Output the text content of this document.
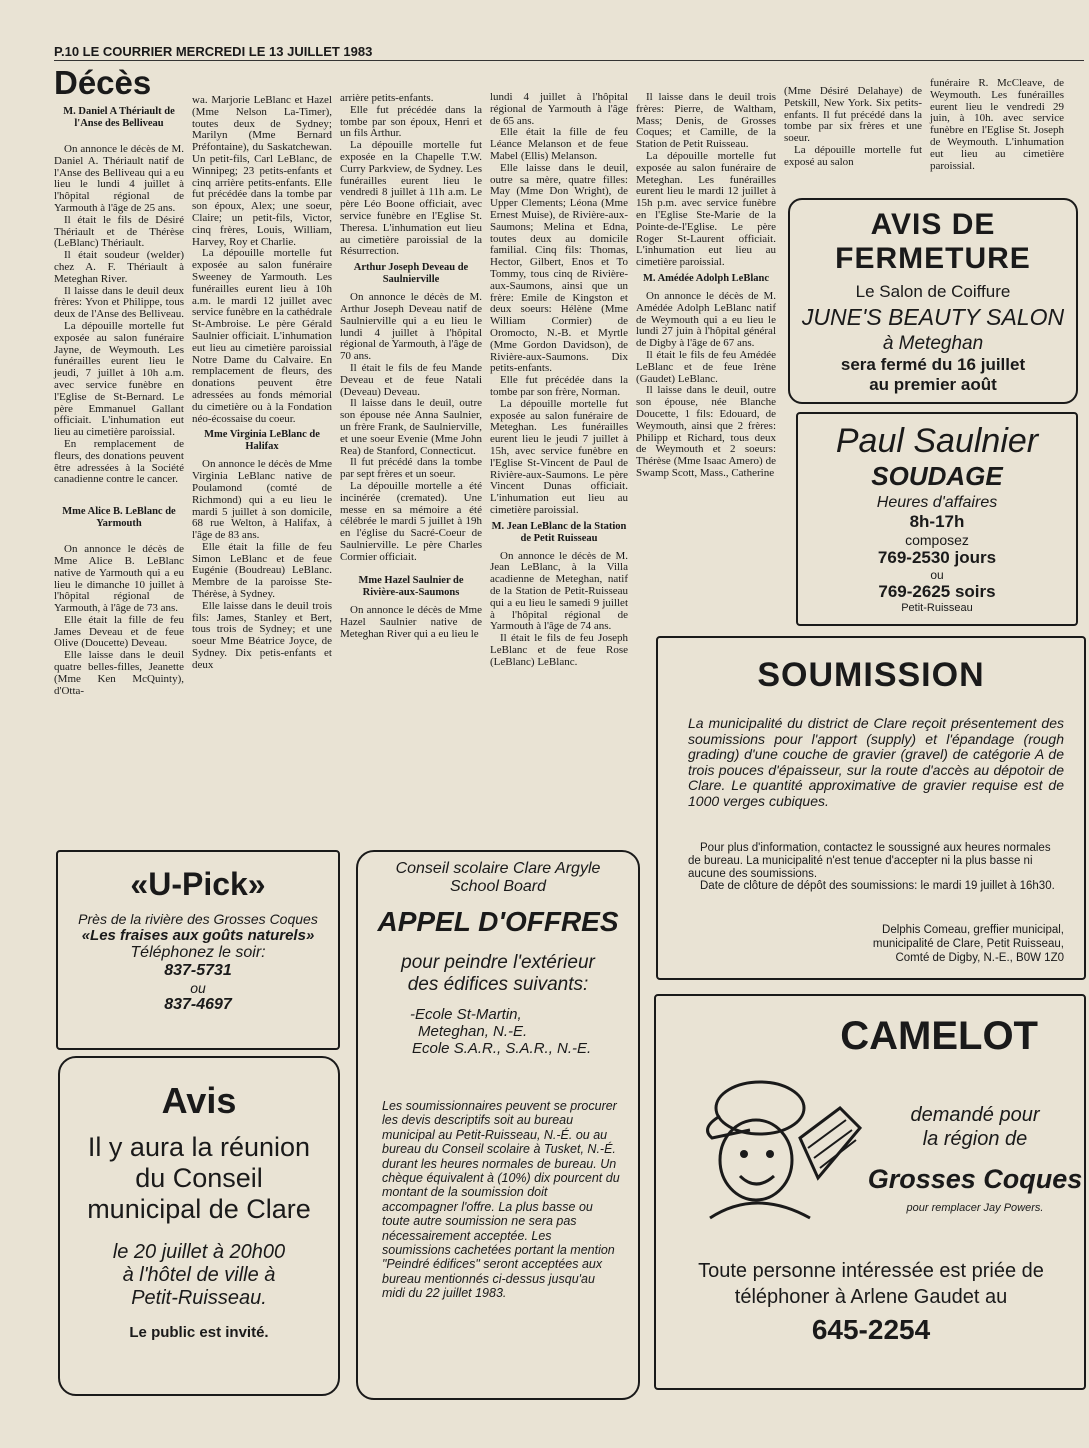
P.10 LE COURRIER MERCREDI LE 13 JUILLET 1983
Décès

M. Daniel A Thériault de l'Anse des Belliveau

On annonce le décès de M. Daniel A. Thériault natif de l'Anse des Belliveau qui a eu lieu le lundi 4 juillet à l'hôpital régional de Yarmouth à l'âge de 25 ans.

Il était le fils de Désiré Thériault et de Thérèse (LeBlanc) Thériault.

Il était soudeur (welder) chez A. F. Thériault à Meteghan River.

Il laisse dans le deuil deux frères: Yvon et Philippe, tous deux de l'Anse des Belliveau.

La dépouille mortelle fut exposée au salon funéraire Jayne, de Weymouth. Les funérailles eurent lieu le jeudi, 7 juillet à 10h a.m. avec service funèbre en l'Eglise de St-Bernard. Le père Emmanuel Gallant officiait. L'inhumation eut lieu au cimetière paroissial.

En remplacement de fleurs, des donations peuvent être adressées à la Société canadienne contre le cancer.

Mme Alice B. LeBlanc de Yarmouth

On annonce le décès de Mme Alice B. LeBlanc native de Yarmouth qui a eu lieu le dimanche 10 juillet à l'hôpital régional de Yarmouth, à l'âge de 73 ans.

Elle était la fille de feu James Deveau et de feue Olive (Doucette) Deveau.

Elle laisse dans le deuil quatre belles-filles, Jeanette (Mme Ken McQuinty), d'Otta-

wa. Marjorie LeBlanc et Hazel (Mme Nelson La-Timer), toutes deux de Sydney; Marilyn (Mme Bernard Préfontaine), du Saskatchewan. Un petit-fils, Carl LeBlanc, de Winnipeg; 23 petits-enfants et cinq arrière petits-enfants. Elle fut précédée dans la tombe par son époux, Alex; une soeur, Claire; un petit-fils, Victor, cinq frères, Louis, William, Harvey, Roy et Charlie.

La dépouille mortelle fut exposée au salon funéraire Sweeney de Yarmouth. Les funérailles eurent lieu à 10h a.m. le mardi 12 juillet avec service funèbre en la cathédrale St-Ambroise. Le père Gérald Saulnier officiait. L'inhumation eut lieu au cimetière paroissial Notre Dame du Calvaire. En remplacement de fleurs, des donations peuvent être adressées au fonds mémorial du cimetière ou à la Fondation néo-écossaise du coeur.

Mme Virginia LeBlanc de Halifax

On annonce le décès de Mme Virginia LeBlanc native de Poulamond (comté de Richmond) qui a eu lieu le mardi 5 juillet à son domicile, 68 rue Welton, à Halifax, à l'âge de 83 ans.

Elle était la fille de feu Simon LeBlanc et de feue Eugénie (Boudreau) LeBlanc. Membre de la paroisse Ste-Thérèse, à Sydney.

Elle laisse dans le deuil trois fils: James, Stanley et Bert, tous trois de Sydney; et une soeur Mme Béatrice Joyce, de Sydney. Dix petis-enfants et deux

arrière petits-enfants.

Elle fut précédée dans la tombe par son époux, Henri et un fils Arthur.

La dépouille mortelle fut exposée en la Chapelle T.W. Curry Parkview, de Sydney. Les funérailles eurent lieu le vendredi 8 juillet à 11h a.m. Le père Léo Boone officiait, avec service funèbre en l'Eglise St. Theresa. L'inhumation eut lieu au cimetière paroissial de la Résurrection.

Arthur Joseph Deveau de Saulnierville

On annonce le décès de M. Arthur Joseph Deveau natif de Saulnierville qui a eu lieu le lundi 4 juillet à l'hôpital régional de Yarmouth, à l'âge de 70 ans.

Il était le fils de feu Mande Deveau et de feue Natali (Deveau) Deveau.

Il laisse dans le deuil, outre son épouse née Anna Saulnier, un frère Frank, de Saulnierville, et une soeur Evenie (Mme John Rea) de Stanford, Connecticut.

Il fut précédé dans la tombe par sept frères et un soeur.

La dépouille mortelle a été incinérée (cremated). Une messe en sa mémoire a été célébrée le mardi 5 juillet à 19h en l'église du Sacré-Coeur de Saulnierville. Le père Charles Cormier officiait.

Mme Hazel Saulnier de Rivière-aux-Saumons

On annonce le décès de Mme Hazel Saulnier native de Meteghan River qui a eu lieu le

lundi 4 juillet à l'hôpital régional de Yarmouth à l'âge de 65 ans.

Elle était la fille de feu Léance Melanson et de feue Mabel (Ellis) Melanson.

Elle laisse dans le deuil, outre sa mère, quatre filles: May (Mme Don Wright), de Upper Clements; Léona (Mme Ernest Muise), de Rivière-aux-Saumons; Melina et Edna, toutes deux au domicile familial. Cinq fils: Thomas, Hector, Gilbert, Enos et To Tommy, tous cinq de Rivière-aux-Saumons, ainsi que un frère: Emile de Kingston et deux soeurs: Hélène (Mme William Cormier) de Oromocto, N.-B. et Myrtle (Mme Gordon Davidson), de Rivière-aux-Saumons. Dix petits-enfants.

Elle fut précédée dans la tombe par son frère, Norman.

La dépouille mortelle fut exposée au salon funéraire de Meteghan. Les funérailles eurent lieu le jeudi 7 juillet à 15h, avec service funèbre en l'Eglise St-Vincent de Paul de Rivière-aux-Saumons. Le père Vincent Dunas officiait. L'inhumation eut lieu au cimetière paroissial.

M. Jean LeBlanc de la Station de Petit Ruisseau

On annonce le décès de M. Jean LeBlanc, à la Villa acadienne de Meteghan, natif de la Station de Petit-Ruisseau qui a eu lieu le samedi 9 juillet à l'hôpital régional de Yarmouth à l'âge de 74 ans.

Il était le fils de feu Joseph LeBlanc et de feue Rose (LeBlanc) LeBlanc.

Il laisse dans le deuil trois frères: Pierre, de Waltham, Mass; Denis, de Grosses Coques; et Camille, de la Station de Petit Ruisseau.

La dépouille mortelle fut exposée au salon funéraire de Meteghan. Les funérailles eurent lieu le mardi 12 juillet à 15h p.m. avec service funèbre en l'Eglise Ste-Marie de la Pointe-de-l'Eglise. Le père Roger St-Laurent officiait. L'inhumation eut lieu au cimetière paroissial.

M. Amédée Adolph LeBlanc

On annonce le décès de M. Amédée Adolph LeBlanc natif de Weymouth qui a eu lieu le lundi 27 juin à l'hôpital général de Digby à l'âge de 67 ans.

Il était le fils de feu Amédée LeBlanc et de feue Irène (Gaudet) LeBlanc.

Il laisse dans le deuil, outre son épouse, née Blanche Doucette, 1 fils: Edouard, de Weymouth, ainsi que 2 frères: Philipp et Richard, tous deux de Weymouth et 2 soeurs: Thérèse (Mme Isaac Amero) de Swamp Scott, Mass., Catherine

(Mme Désiré Delahaye) de Petskill, New York. Six petits-enfants. Il fut précédé dans la tombe par six frères et une soeur.

La dépouille mortelle fut exposé au salon

funéraire R. McCleave, de Weymouth. Les funérailles eurent lieu le vendredi 29 juin, à 10h. avec service funèbre en l'Eglise St. Joseph de Weymouth. L'inhumation eut lieu au cimetière paroissial.

AVIS DE
FERMETURE
Le Salon de Coiffure
JUNE'S BEAUTY SALON
à Meteghan
sera fermé du 16 juillet
au premier août
Paul Saulnier
SOUDAGE
Heures d'affaires
8h-17h
composez
769-2530 jours
ou
769-2625 soirs
Petit-Ruisseau
SOUMISSION
La municipalité du district de Clare reçoit présentement des soumissions pour l'apport (supply) et l'épandage (rough grading) d'une couche de gravier (gravel) de catégorie A de trois pouces d'épaisseur, sur la route d'accès au dépotoir de Clare. Le quantité approximative de gravier requise est de 1000 verges cubiques.
Pour plus d'information, contactez le soussigné aux heures normales de bureau. La municipalité n'est tenue d'accepter ni la plus basse ni aucune des soumissions.
Date de clôture de dépôt des soumissions: le mardi 19 juillet à 16h30.
Delphis Comeau, greffier municipal,
municipalité de Clare, Petit Ruisseau,
Comté de Digby, N.-E., B0W 1Z0
«U-Pick»
Près de la rivière des Grosses Coques
«Les fraises aux goûts naturels»
Téléphonez le soir:
837-5731
ou
837-4697
Avis
Il y aura la réunion
du Conseil
municipal de Clare
le 20 juillet à 20h00
à l'hôtel de ville à
Petit-Ruisseau.
Le public est invité.
Conseil scolaire Clare Argyle
School Board
APPEL D'OFFRES
pour peindre l'extérieur
des édifices suivants:
-Ecole St-Martin,
Meteghan, N.-E.
Ecole S.A.R., S.A.R., N.-E.
Les soumissionnaires peuvent se procurer les devis descriptifs soit au bureau municipal au Petit-Ruisseau, N.-É. ou au bureau du Conseil scolaire à Tusket, N.-É. durant les heures normales de bureau. Un chèque équivalent à (10%) dix pourcent du montant de la soumission doit accompagner l'offre. La plus basse ou toute autre soumission ne sera pas nécessairement acceptée. Les soumissions cachetées portant la mention "Peindré édifices" seront acceptées aux bureau mentionnés ci-dessus jusqu'au midi du 22 juillet 1983.
CAMELOT
demandé pour
la région de
Grosses Coques
pour remplacer Jay Powers.
Toute personne intéressée est priée de
téléphoner à Arlene Gaudet au
645-2254
